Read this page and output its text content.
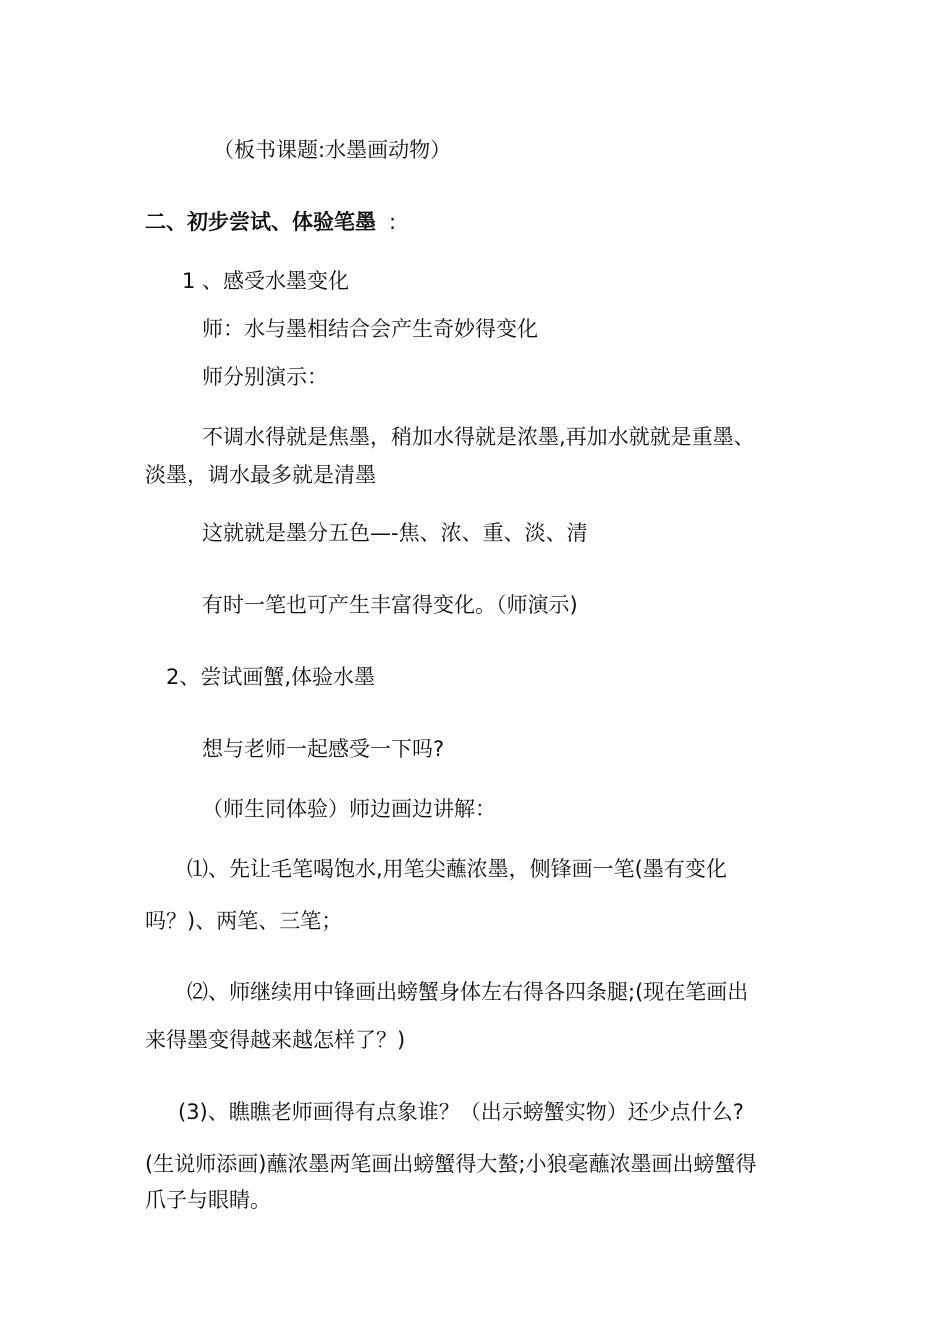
（板书课题:水墨画动物）
二、初步尝试、体验笔墨 :
1 、感受水墨变化
师：水与墨相结合会产生奇妙得变化
师分别演示：
不调水得就是焦墨，稍加水得就是浓墨,再加水就就是重墨、
淡墨，调水最多就是清墨
这就就是墨分五色—-焦、浓、重、淡、清
有时一笔也可产生丰富得变化。（师演示)
2、尝试画蟹,体验水墨
想与老师一起感受一下吗?
（师生同体验）师边画边讲解：
⑴、先让毛笔喝饱水,用笔尖蘸浓墨，侧锋画一笔(墨有变化
吗？)、两笔、三笔；
⑵、师继续用中锋画出螃蟹身体左右得各四条腿;(现在笔画出
来得墨变得越来越怎样了？)
(3)、瞧瞧老师画得有点象谁？（出示螃蟹实物）还少点什么?
(生说师添画)蘸浓墨两笔画出螃蟹得大螯;小狼毫蘸浓墨画出螃蟹得
爪子与眼睛。
